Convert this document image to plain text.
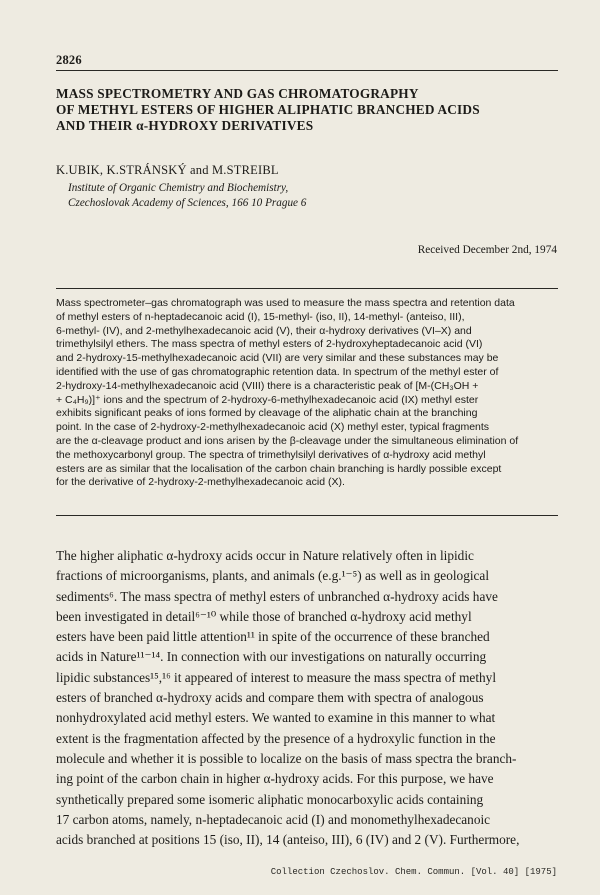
2826
MASS SPECTROMETRY AND GAS CHROMATOGRAPHY
OF METHYL ESTERS OF HIGHER ALIPHATIC BRANCHED ACIDS
AND THEIR α-HYDROXY DERIVATIVES
K.UBIK, K.STRÁNSKÝ and M.STREIBL
Institute of Organic Chemistry and Biochemistry,
Czechoslovak Academy of Sciences, 166 10 Prague 6
Received December 2nd, 1974
Mass spectrometer–gas chromatograph was used to measure the mass spectra and retention data
of methyl esters of n-heptadecanoic acid (I), 15-methyl- (iso, II), 14-methyl- (anteiso, III),
6-methyl- (IV), and 2-methylhexadecanoic acid (V), their α-hydroxy derivatives (VI–X) and
trimethylsilyl ethers. The mass spectra of methyl esters of 2-hydroxyheptadecanoic acid (VI)
and 2-hydroxy-15-methylhexadecanoic acid (VII) are very similar and these substances may be
identified with the use of gas chromatographic retention data. In spectrum of the methyl ester of
2-hydroxy-14-methylhexadecanoic acid (VIII) there is a characteristic peak of [M-(CH₃OH +
+ C₄H₉)]⁺ ions and the spectrum of 2-hydroxy-6-methylhexadecanoic acid (IX) methyl ester
exhibits significant peaks of ions formed by cleavage of the aliphatic chain at the branching
point. In the case of 2-hydroxy-2-methylhexadecanoic acid (X) methyl ester, typical fragments
are the α-cleavage product and ions arisen by the β-cleavage under the simultaneous elimination of
the methoxycarbonyl group. The spectra of trimethylsilyl derivatives of α-hydroxy acid methyl
esters are as similar that the localisation of the carbon chain branching is hardly possible except
for the derivative of 2-hydroxy-2-methylhexadecanoic acid (X).
The higher aliphatic α-hydroxy acids occur in Nature relatively often in lipidic
fractions of microorganisms, plants, and animals (e.g.¹⁻⁵) as well as in geological
sediments⁶. The mass spectra of methyl esters of unbranched α-hydroxy acids have
been investigated in detail⁶⁻¹⁰ while those of branched α-hydroxy acid methyl
esters have been paid little attention¹¹ in spite of the occurrence of these branched
acids in Nature¹¹⁻¹⁴. In connection with our investigations on naturally occurring
lipidic substances¹⁵,¹⁶ it appeared of interest to measure the mass spectra of methyl
esters of branched α-hydroxy acids and compare them with spectra of analogous
nonhydroxylated acid methyl esters. We wanted to examine in this manner to what
extent is the fragmentation affected by the presence of a hydroxylic function in the
molecule and whether it is possible to localize on the basis of mass spectra the branch-
ing point of the carbon chain in higher α-hydroxy acids. For this purpose, we have
synthetically prepared some isomeric aliphatic monocarboxylic acids containing
17 carbon atoms, namely, n-heptadecanoic acid (I) and monomethylhexadecanoic
acids branched at positions 15 (iso, II), 14 (anteiso, III), 6 (IV) and 2 (V). Furthermore,
Collection Czechoslov. Chem. Commun. [Vol. 40] [1975]
